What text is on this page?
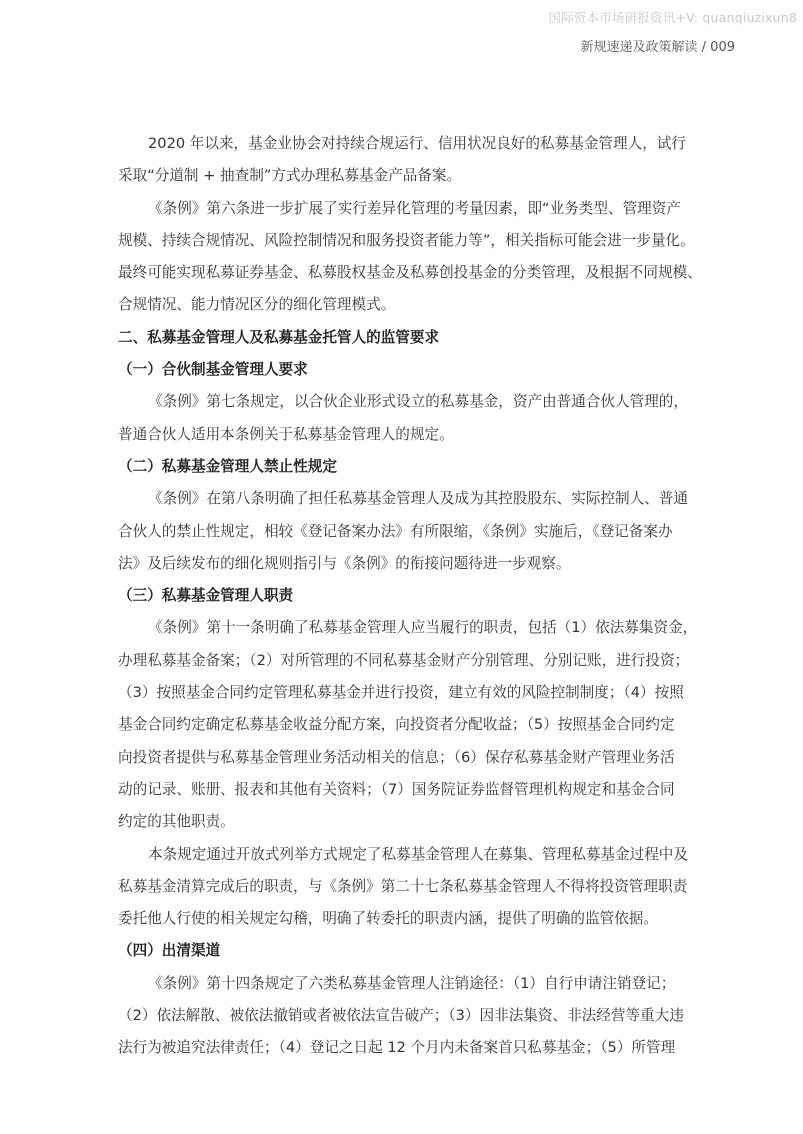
国际资本市场研报资讯+V: quanqiuzixun8
新规速递及政策解读 / 009
2020 年以来，基金业协会对持续合规运行、信用状况良好的私募基金管理人，试行
采取“分道制 + 抽查制”方式办理私募基金产品备案。
《条例》第六条进一步扩展了实行差异化管理的考量因素，即“业务类型、管理资产
规模、持续合规情况、风险控制情况和服务投资者能力等”，相关指标可能会进一步量化。
最终可能实现私募证券基金、私募股权基金及私募创投基金的分类管理，及根据不同规模、
合规情况、能力情况区分的细化管理模式。
二、私募基金管理人及私募基金托管人的监管要求
（一）合伙制基金管理人要求
《条例》第七条规定，以合伙企业形式设立的私募基金，资产由普通合伙人管理的，
普通合伙人适用本条例关于私募基金管理人的规定。
（二）私募基金管理人禁止性规定
《条例》在第八条明确了担任私募基金管理人及成为其控股股东、实际控制人、普通
合伙人的禁止性规定，相较《登记备案办法》有所限缩，《条例》实施后，《登记备案办
法》及后续发布的细化规则指引与《条例》的衔接问题待进一步观察。
（三）私募基金管理人职责
《条例》第十一条明确了私募基金管理人应当履行的职责，包括（1）依法募集资金，
办理私募基金备案；（2）对所管理的不同私募基金财产分别管理、分别记账，进行投资；
（3）按照基金合同约定管理私募基金并进行投资，建立有效的风险控制制度；（4）按照
基金合同约定确定私募基金收益分配方案，向投资者分配收益；（5）按照基金合同约定
向投资者提供与私募基金管理业务活动相关的信息；（6）保存私募基金财产管理业务活
动的记录、账册、报表和其他有关资料；（7）国务院证券监督管理机构规定和基金合同
约定的其他职责。
本条规定通过开放式列举方式规定了私募基金管理人在募集、管理私募基金过程中及
私募基金清算完成后的职责，与《条例》第二十七条私募基金管理人不得将投资管理职责
委托他人行使的相关规定勾稽，明确了转委托的职责内涵，提供了明确的监管依据。
（四）出清渠道
《条例》第十四条规定了六类私募基金管理人注销途径：（1）自行申请注销登记；
（2）依法解散、被依法撤销或者被依法宣告破产；（3）因非法集资、非法经营等重大违
法行为被追究法律责任；（4）登记之日起 12 个月内未备案首只私募基金；（5）所管理
